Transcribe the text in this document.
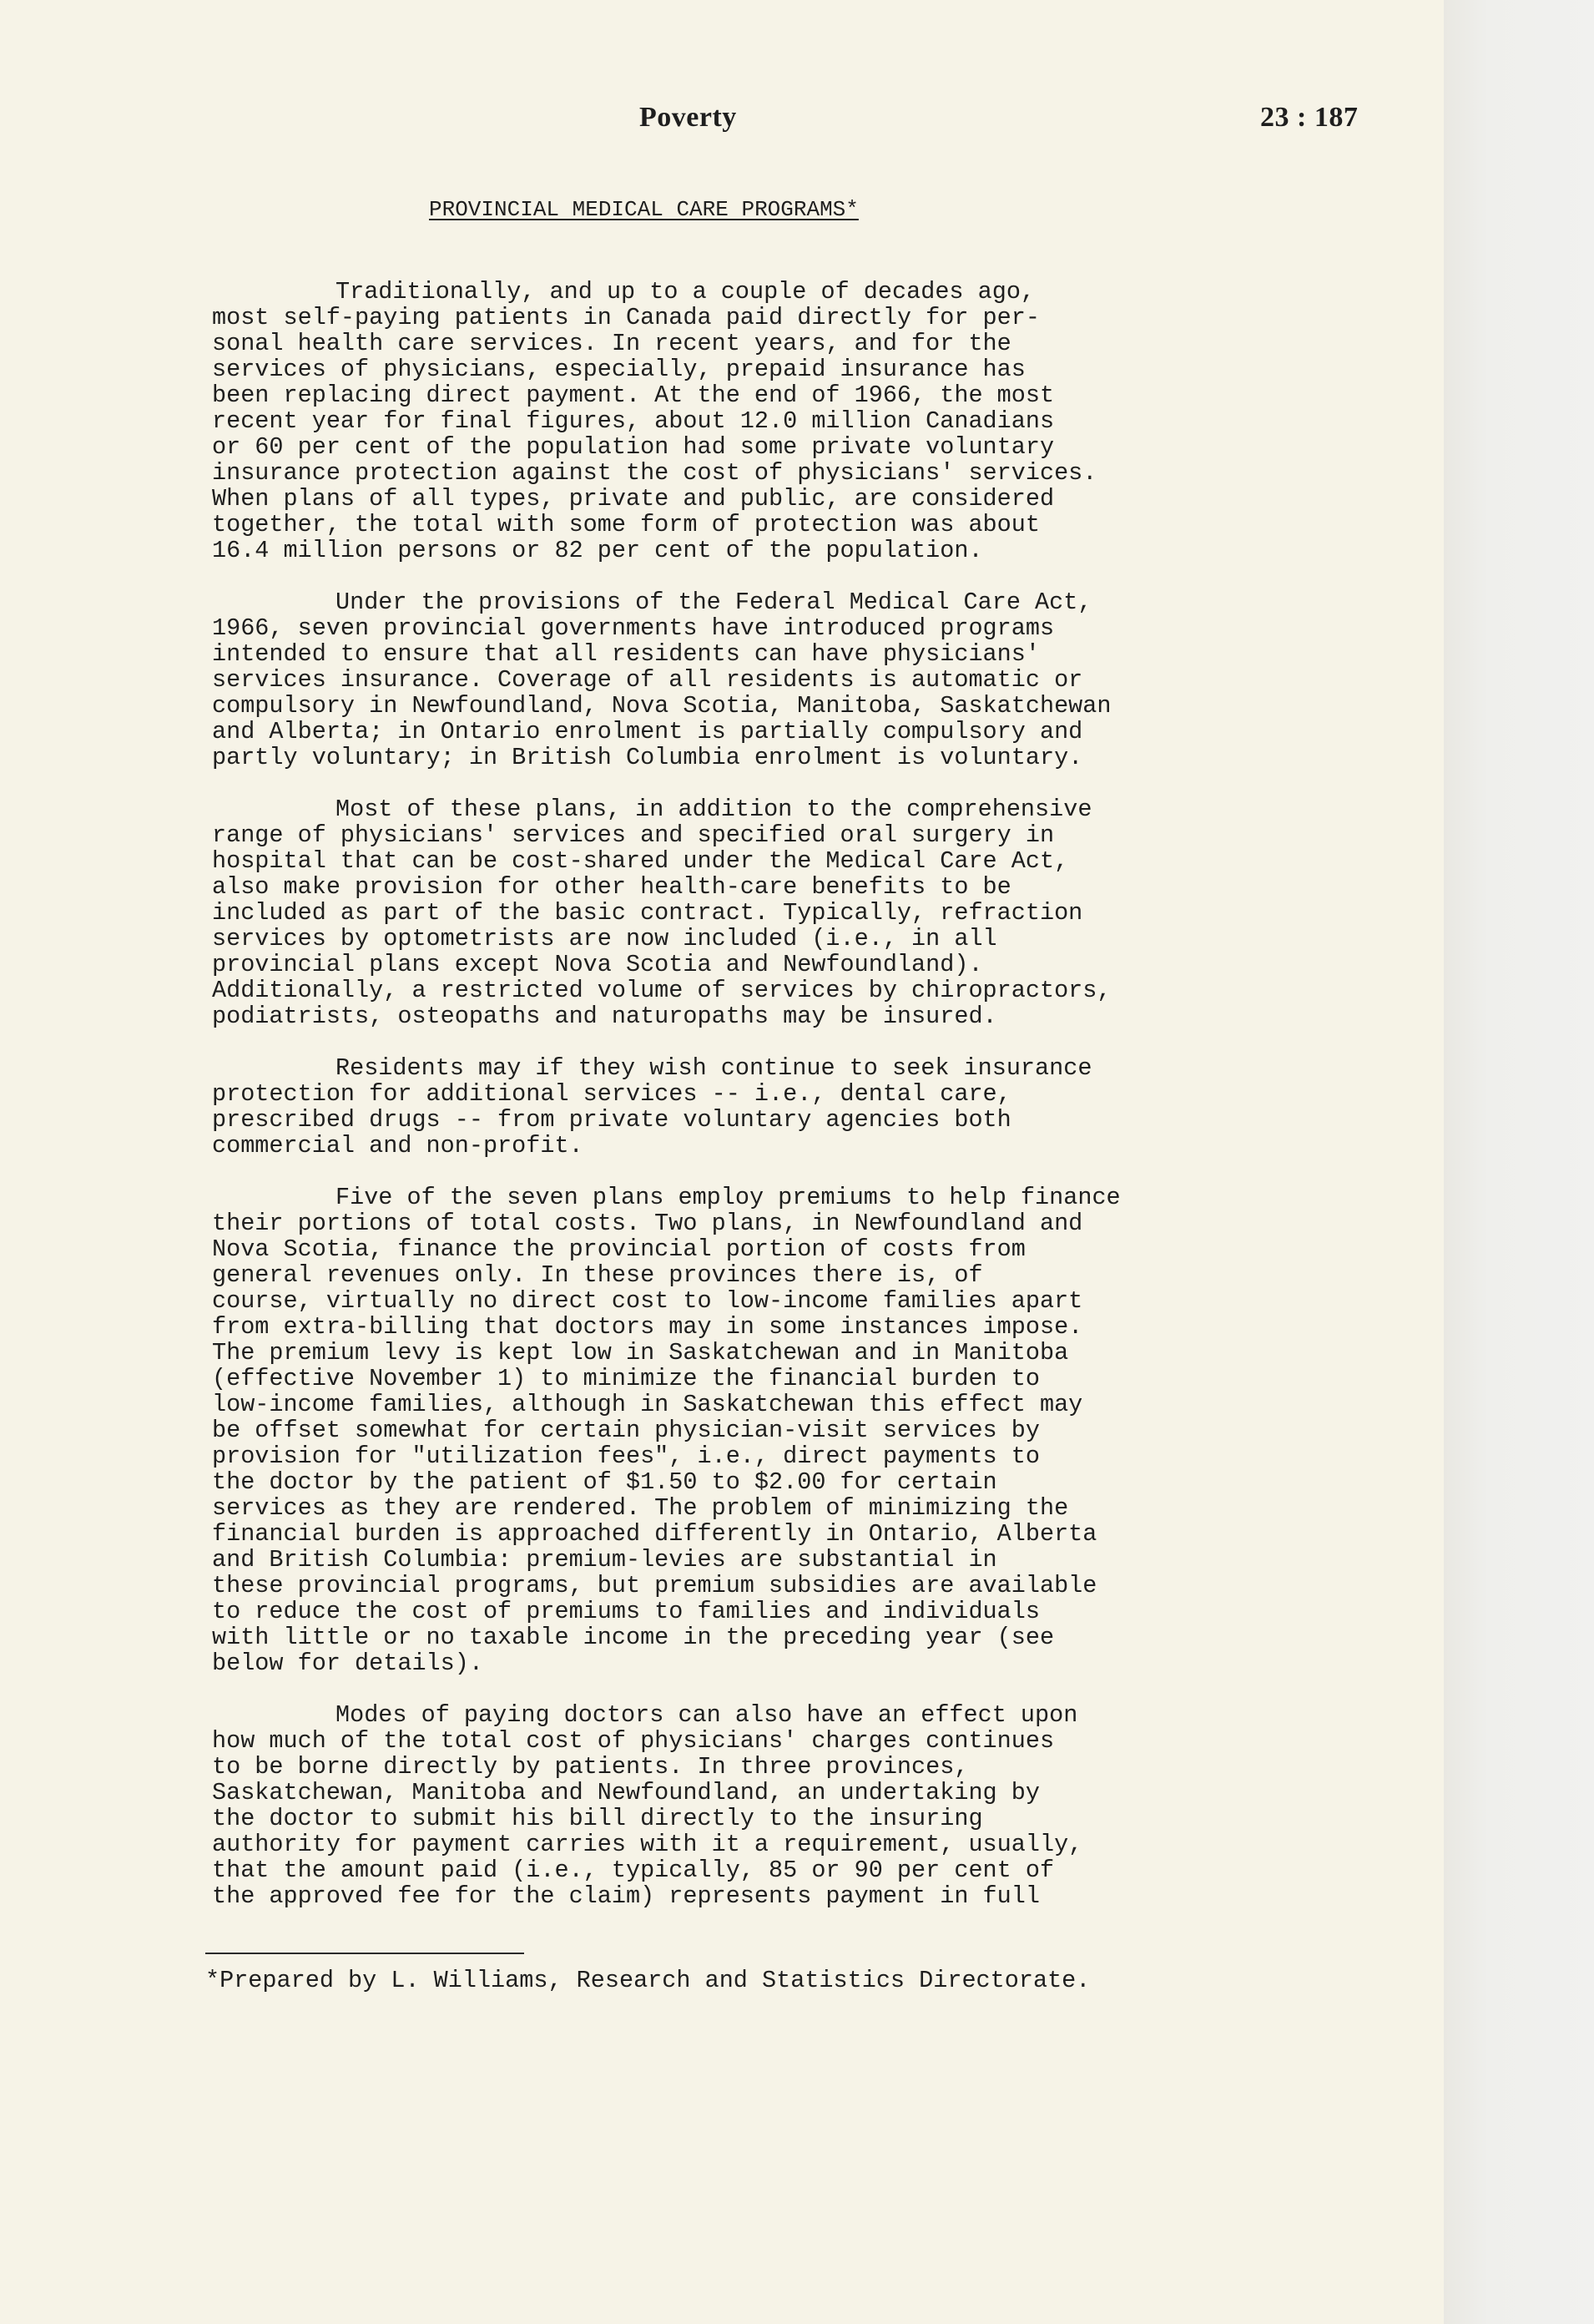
Poverty	23 : 187
PROVINCIAL MEDICAL CARE PROGRAMS*

Traditionally, and up to a couple of decades ago,
most self-paying patients in Canada paid directly for per-
sonal health care services. In recent years, and for the
services of physicians, especially, prepaid insurance has
been replacing direct payment. At the end of 1966, the most
recent year for final figures, about 12.0 million Canadians
or 60 per cent of the population had some private voluntary
insurance protection against the cost of physicians' services.
When plans of all types, private and public, are considered
together, the total with some form of protection was about
16.4 million persons or 82 per cent of the population.

Under the provisions of the Federal Medical Care Act,
1966, seven provincial governments have introduced programs
intended to ensure that all residents can have physicians'
services insurance. Coverage of all residents is automatic or
compulsory in Newfoundland, Nova Scotia, Manitoba, Saskatchewan
and Alberta; in Ontario enrolment is partially compulsory and
partly voluntary; in British Columbia enrolment is voluntary.

Most of these plans, in addition to the comprehensive
range of physicians' services and specified oral surgery in
hospital that can be cost-shared under the Medical Care Act,
also make provision for other health-care benefits to be
included as part of the basic contract. Typically, refraction
services by optometrists are now included (i.e., in all
provincial plans except Nova Scotia and Newfoundland).
Additionally, a restricted volume of services by chiropractors,
podiatrists, osteopaths and naturopaths may be insured.

Residents may if they wish continue to seek insurance
protection for additional services -- i.e., dental care,
prescribed drugs -- from private voluntary agencies both
commercial and non-profit.

Five of the seven plans employ premiums to help finance
their portions of total costs. Two plans, in Newfoundland and
Nova Scotia, finance the provincial portion of costs from
general revenues only. In these provinces there is, of
course, virtually no direct cost to low-income families apart
from extra-billing that doctors may in some instances impose.
The premium levy is kept low in Saskatchewan and in Manitoba
(effective November 1) to minimize the financial burden to
low-income families, although in Saskatchewan this effect may
be offset somewhat for certain physician-visit services by
provision for "utilization fees", i.e., direct payments to
the doctor by the patient of $1.50 to $2.00 for certain
services as they are rendered. The problem of minimizing the
financial burden is approached differently in Ontario, Alberta
and British Columbia: premium-levies are substantial in
these provincial programs, but premium subsidies are available
to reduce the cost of premiums to families and individuals
with little or no taxable income in the preceding year (see
below for details).

Modes of paying doctors can also have an effect upon
how much of the total cost of physicians' charges continues
to be borne directly by patients. In three provinces,
Saskatchewan, Manitoba and Newfoundland, an undertaking by
the doctor to submit his bill directly to the insuring
authority for payment carries with it a requirement, usually,
that the amount paid (i.e., typically, 85 or 90 per cent of
the approved fee for the claim) represents payment in full

*Prepared by L. Williams, Research and Statistics Directorate.
